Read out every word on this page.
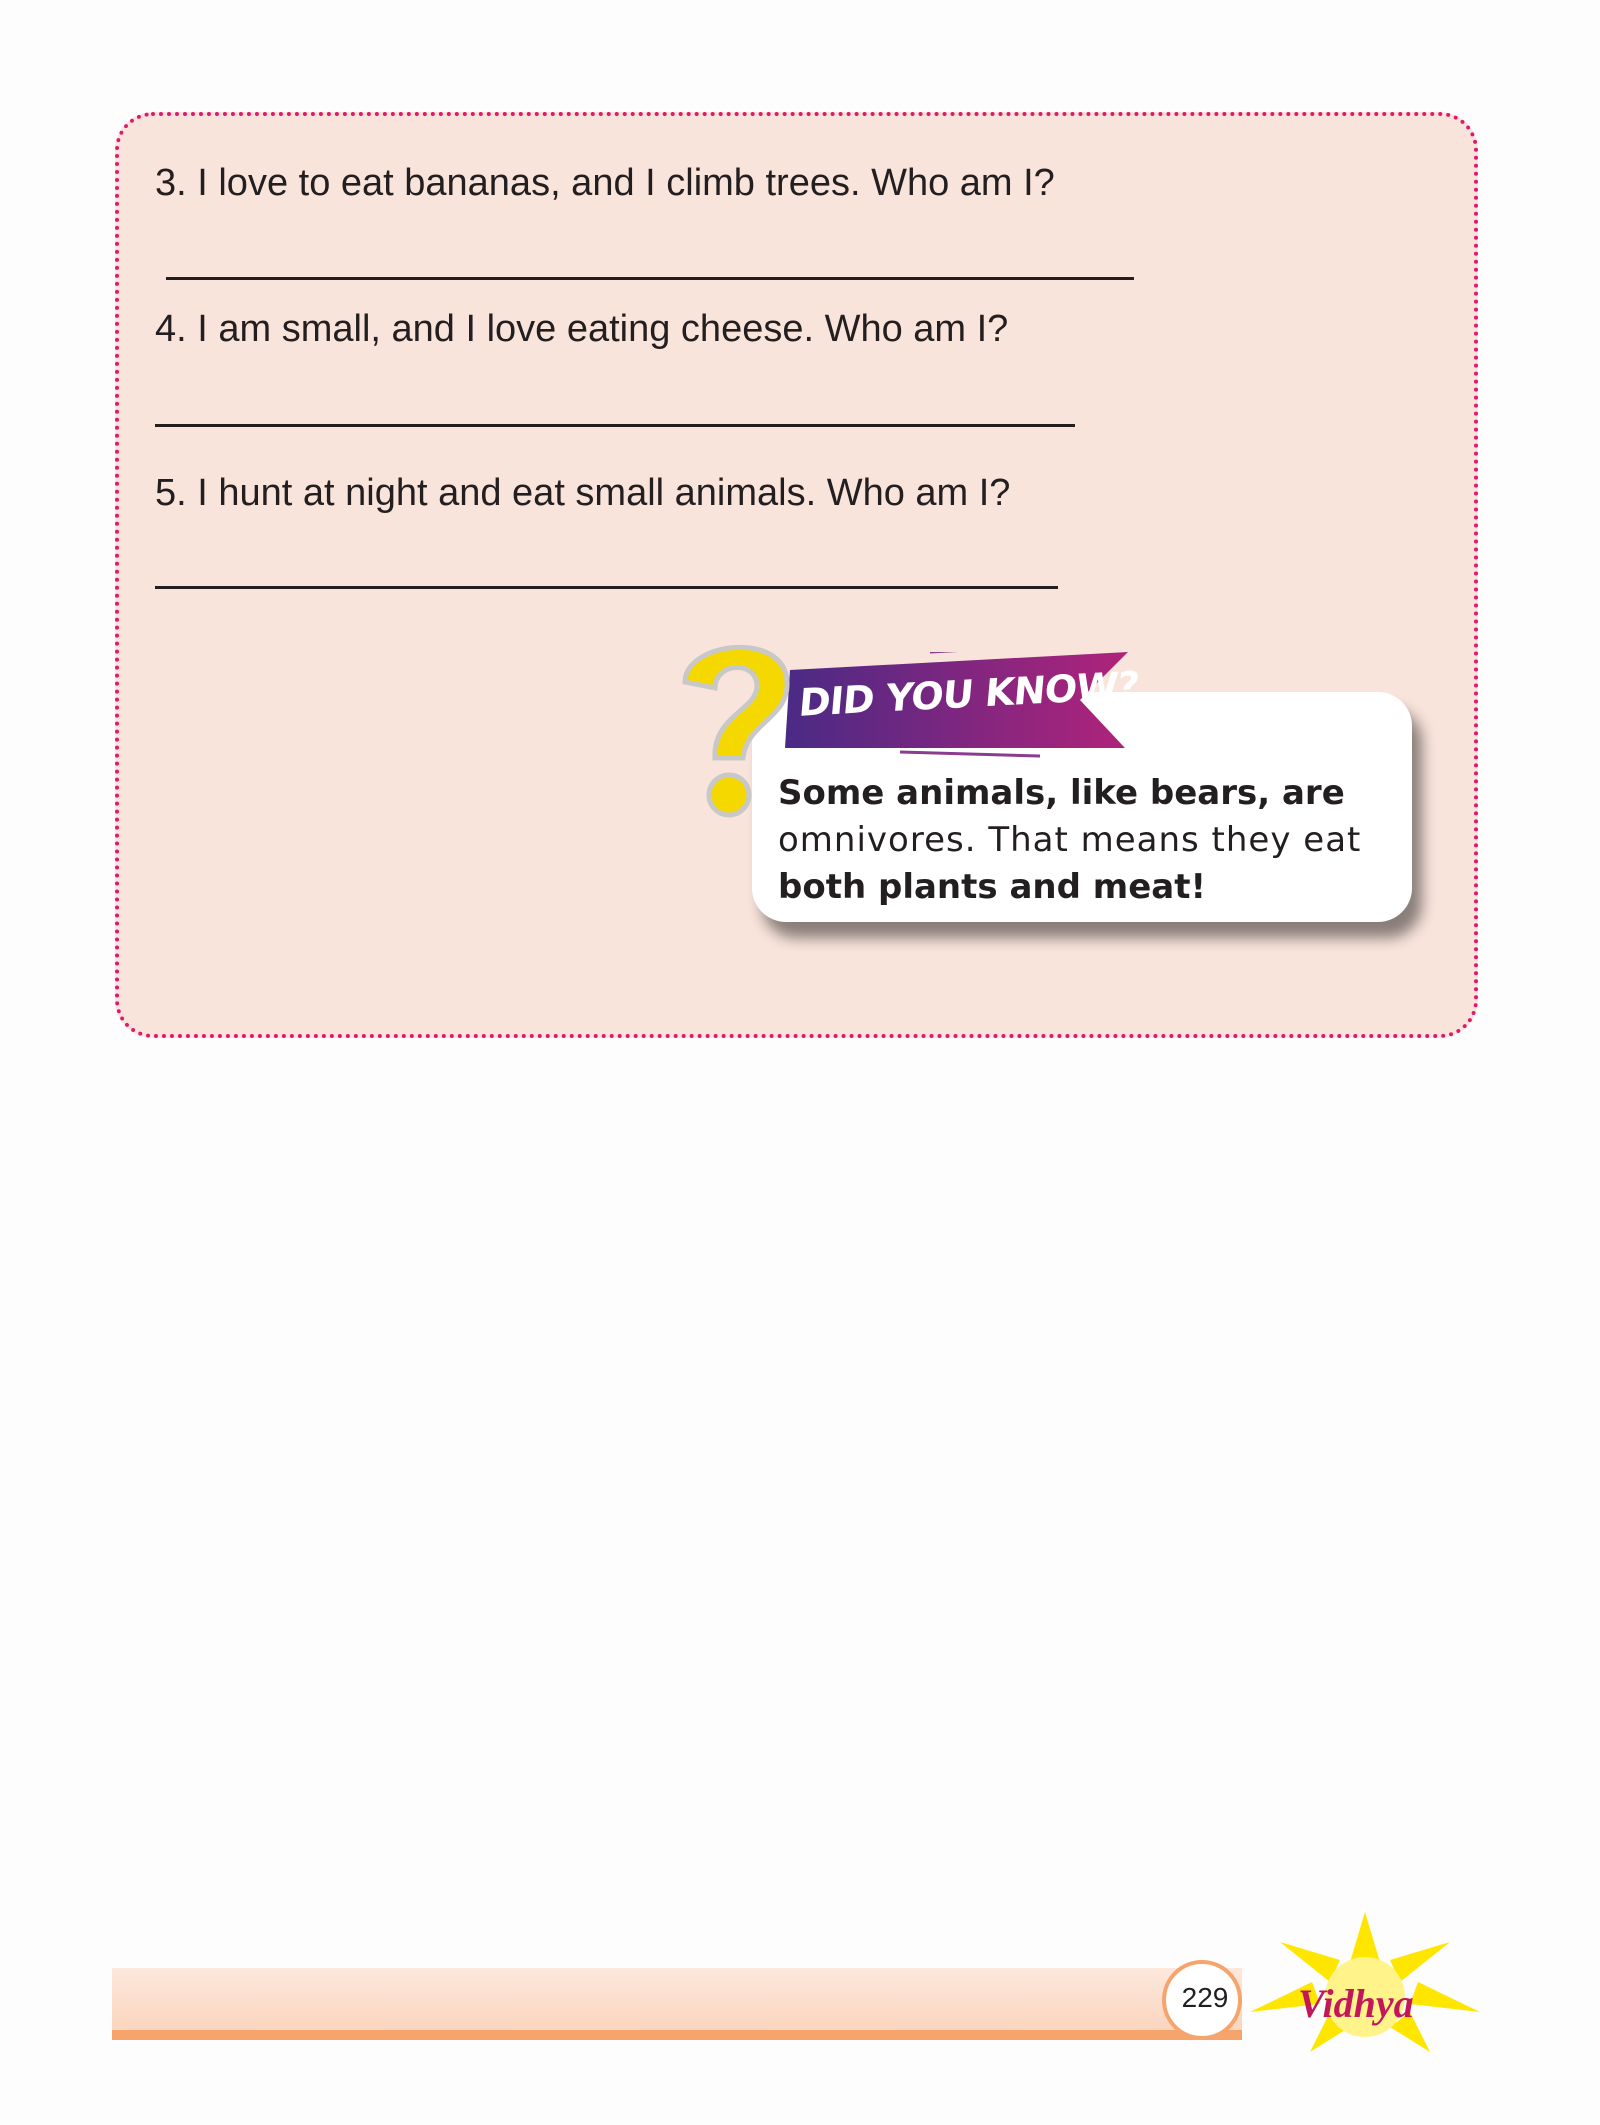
3. I love to eat bananas, and I climb trees. Who am I?
4. I am small, and I love eating cheese. Who am I?
5. I hunt at night and eat small animals. Who am I?
DID YOU KNOW?
Some animals, like bears, are
omnivores. That means they eat
both plants and meat!
229	Vidhya
